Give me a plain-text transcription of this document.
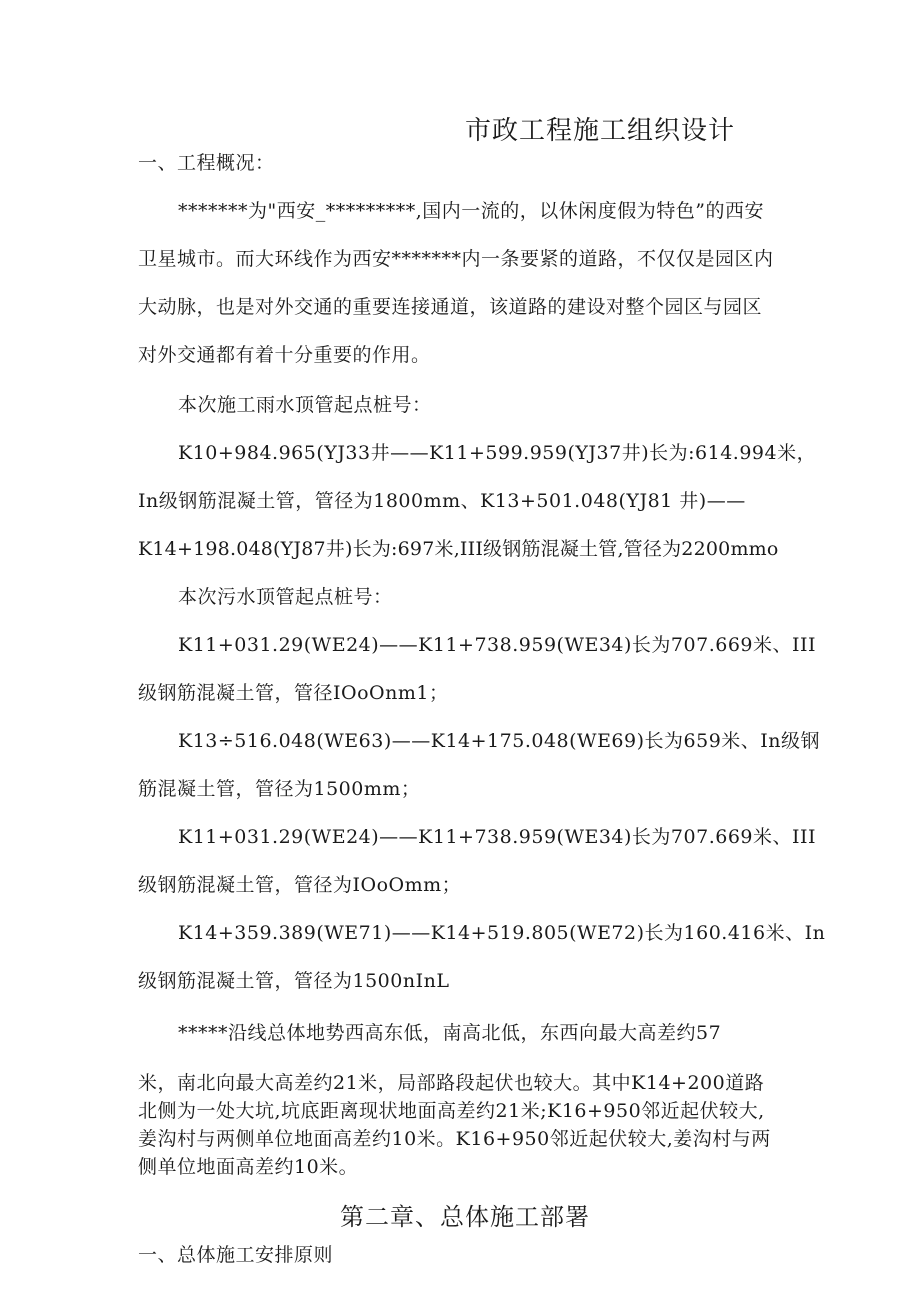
市政工程施工组织设计
一、工程概况：
*******为"西安_*********,国内一流的，以休闲度假为特色”的西安
卫星城市。而大环线作为西安*******内一条要紧的道路，不仅仅是园区内
大动脉，也是对外交通的重要连接通道，该道路的建设对整个园区与园区
对外交通都有着十分重要的作用。
本次施工雨水顶管起点桩号：
K10+984.965(YJ33井——K11+599.959(YJ37井)长为:614.994米，
In级钢筋混凝土管，管径为1800mm、K13+501.048(YJ81 井)——
K14+198.048(YJ87井)长为:697米,III级钢筋混凝土管,管径为2200mmo
本次污水顶管起点桩号：
K11+031.29(WE24)——K11+738.959(WE34)长为707.669米、III
级钢筋混凝土管，管径IOoOnm1；
K13÷516.048(WE63)——K14+175.048(WE69)长为659米、In级钢
筋混凝土管，管径为1500mm；
K11+031.29(WE24)——K11+738.959(WE34)长为707.669米、III
级钢筋混凝土管，管径为IOoOmm；
K14+359.389(WE71)——K14+519.805(WE72)长为160.416米、In
级钢筋混凝土管，管径为1500nInL
*****沿线总体地势西高东低，南高北低，东西向最大高差约57
米，南北向最大高差约21米，局部路段起伏也较大。其中K14+200道路
北侧为一处大坑,坑底距离现状地面高差约21米;K16+950邻近起伏较大,
姜沟村与两侧单位地面高差约10米。K16+950邻近起伏较大,姜沟村与两
侧单位地面高差约10米。
第二章、总体施工部署
一、总体施工安排原则
